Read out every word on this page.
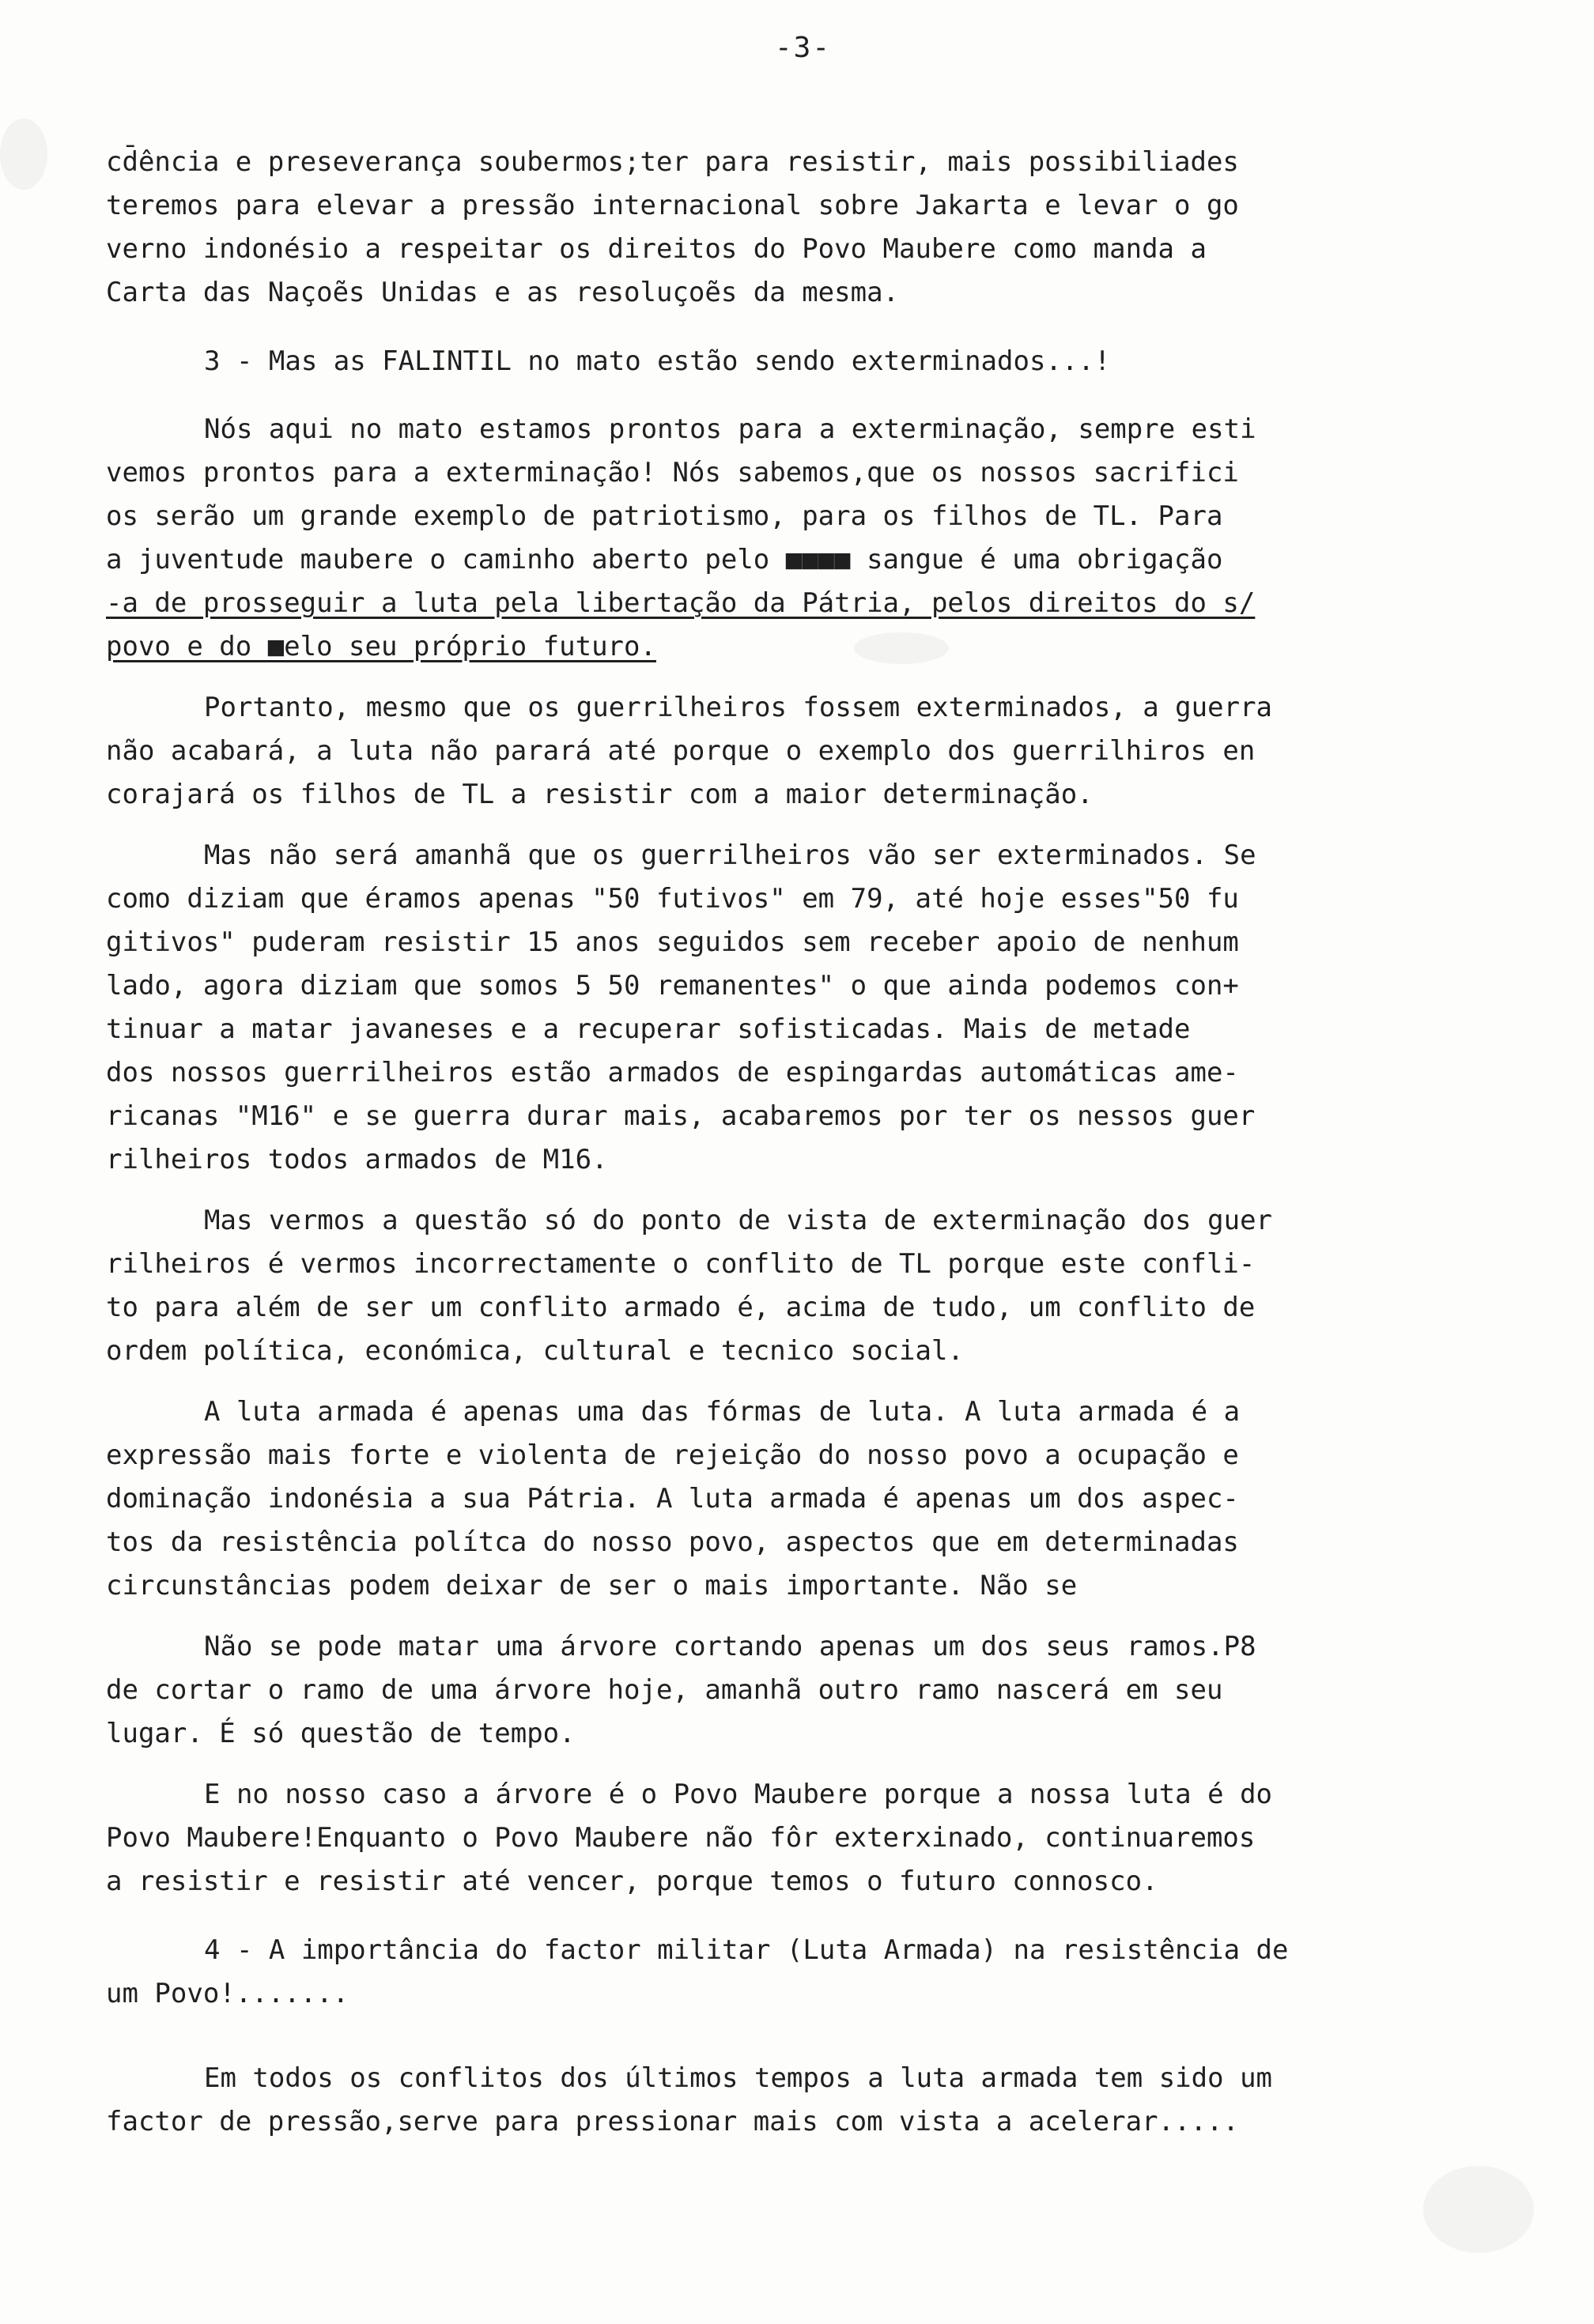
-3-
cd̄ência e preseverança soubermos;ter para resistir, mais possibiliades
teremos para elevar a pressão internacional sobre Jakarta e levar o go
verno indonésio a respeitar os direitos do Povo Maubere como manda a
Carta das Naçoẽs Unidas e as resoluçoẽs da mesma.
3 - Mas as FALINTIL no mato estão sendo exterminados...!
Nós aqui no mato estamos prontos para a exterminação, sempre esti
vemos prontos para a exterminação! Nós sabemos,que os nossos sacrifici
os serão um grande exemplo de patriotismo, para os filhos de TL. Para
a juventude maubere o caminho aberto pelo ■■■■ sangue é uma obrigação
-a de prosseguir a luta pela libertação da Pátria, pelos direitos do s/
povo e do ■elo seu próprio futuro.
Portanto, mesmo que os guerrilheiros fossem exterminados, a guerra
não acabará, a luta não parará até porque o exemplo dos guerrilhiros en
corajará os filhos de TL a resistir com a maior determinação.
Mas não será amanhã que os guerrilheiros vão ser exterminados. Se
como diziam que éramos apenas "50 futivos" em 79, até hoje esses"50 fu
gitivos" puderam resistir 15 anos seguidos sem receber apoio de nenhum
lado, agora diziam que somos 5 50 remanentes" o que ainda podemos con+
tinuar a matar javaneses e a recuperar sofisticadas. Mais de metade
dos nossos guerrilheiros estão armados de espingardas automáticas ame-
ricanas "M16" e se guerra durar mais, acabaremos por ter os nessos guer
rilheiros todos armados de M16.
Mas vermos a questão só do ponto de vista de exterminação dos guer
rilheiros é vermos incorrectamente o conflito de TL porque este confli-
to para além de ser um conflito armado é, acima de tudo, um conflito de
ordem política, económica, cultural e tecnico social.
A luta armada é apenas uma das fórmas de luta. A luta armada é a
expressão mais forte e violenta de rejeição do nosso povo a ocupação e
dominação indonésia a sua Pátria. A luta armada é apenas um dos aspec-
tos da resistência polítca do nosso povo, aspectos que em determinadas
circunstâncias podem deixar de ser o mais importante. Não se
Não se pode matar uma árvore cortando apenas um dos seus ramos.P8
de cortar o ramo de uma árvore hoje, amanhã outro ramo nascerá em seu
lugar. É só questão de tempo.
E no nosso caso a árvore é o Povo Maubere porque a nossa luta é do
Povo Maubere!Enquanto o Povo Maubere não fôr exterxinado, continuaremos
a resistir e resistir até vencer, porque temos o futuro connosco.
4 - A importância do factor militar (Luta Armada) na resistência de
um Povo!.......
Em todos os conflitos dos últimos tempos a luta armada tem sido um
factor de pressão,serve para pressionar mais com vista a acelerar.....
